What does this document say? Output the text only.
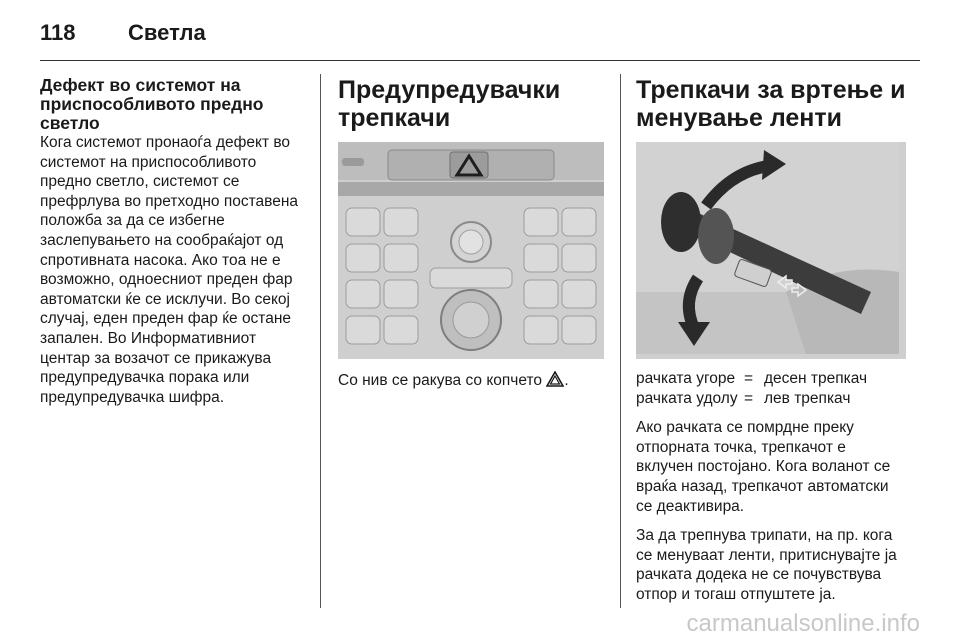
118 Светла
Дефект во системот на приспособливото предно светло

Кога системот пронаоѓа дефект во системот на приспособливото предно светло, системот се префрлува во претходно поставена положба за да се избегне заслепувањето на сообраќајот од спротивната насока. Ако тоа не е возможно, одноесниот преден фар автоматски ќе се исклучи. Во секој случај, еден преден фар ќе остане запален. Во Информативниот центар за возачот се прикажува предупредувачка порака или предупредувачка шифра.

Предупредувачки трепкачи

Со нив се ракува со копчето .

Трепкачи за вртење и менување ленти
рачката угоре = десен трепкач
рачката удолу = лев трепкач

Ако рачката се помрдне преку отпорната точка, трепкачот е вклучен постојано. Кога воланот се враќа назад, трепкачот автоматски се деактивира.

За да трепнува трипати, на пр. кога се менуваат ленти, притиснувајте ја рачката додека не се почувствува отпор и тогаш отпуштете ја.

carmanualsonline.info
